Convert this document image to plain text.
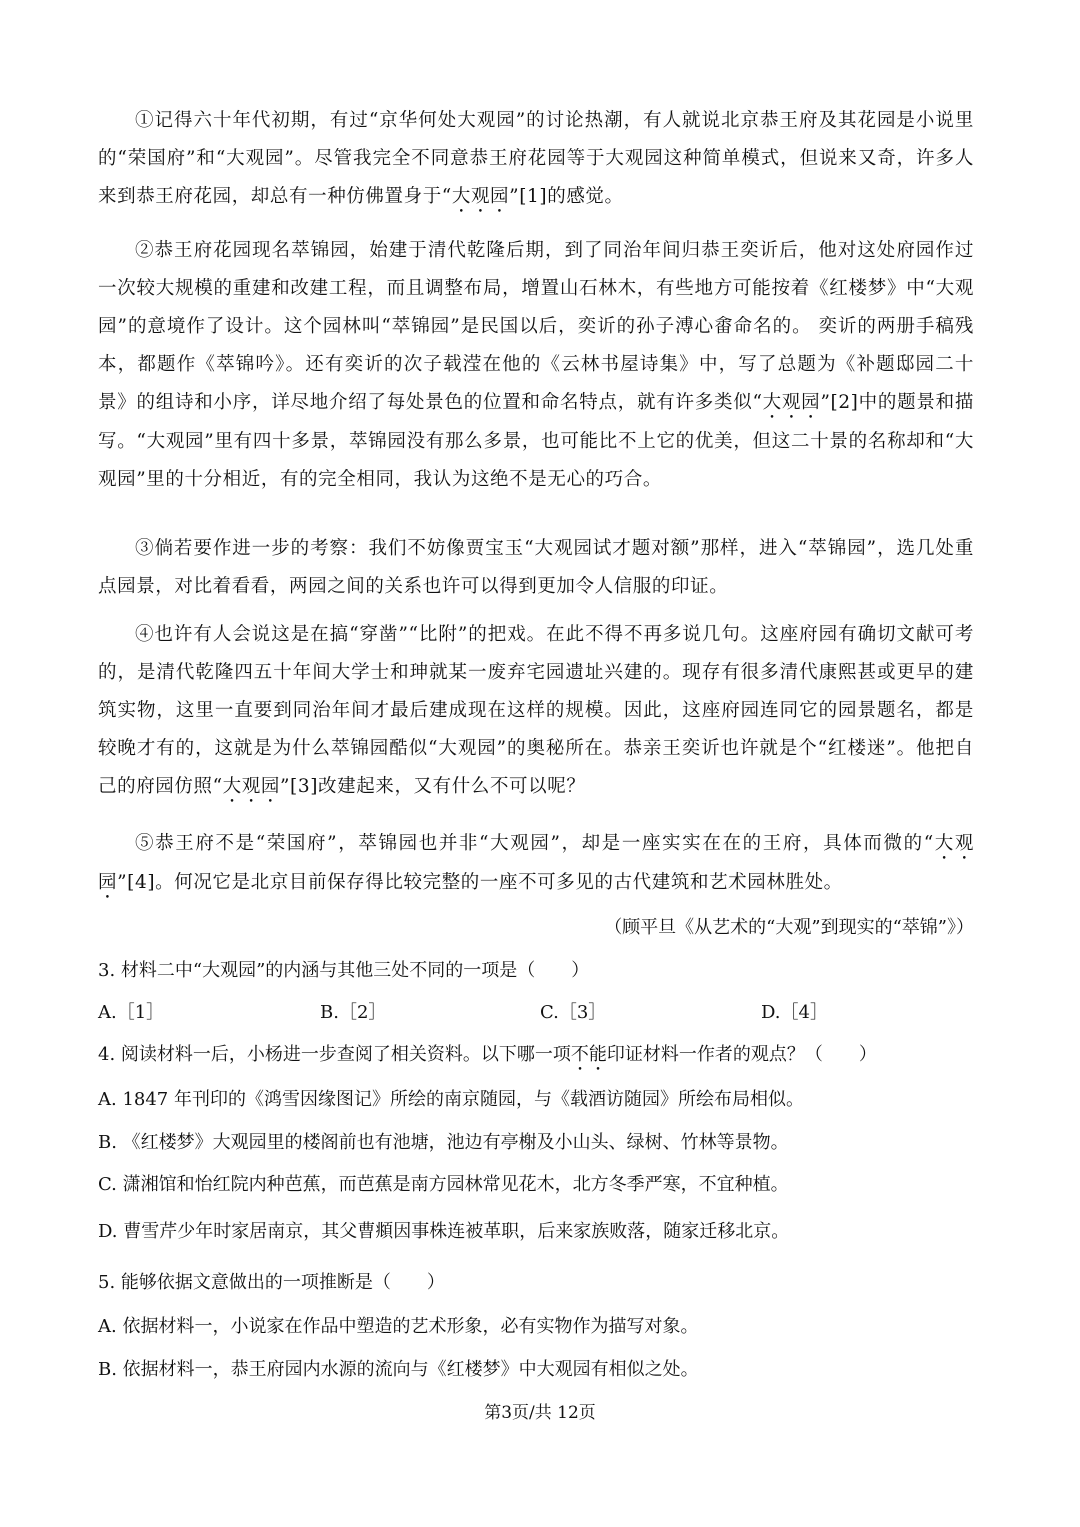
①记得六十年代初期，有过“京华何处大观园”的讨论热潮，有人就说北京恭王府及其花园是小说里的“荣国府”和“大观园”。尽管我完全不同意恭王府花园等于大观园这种简单模式，但说来又奇，许多人来到恭王府花园，却总有一种仿佛置身于“大观园”[1]的感觉。
②恭王府花园现名萃锦园，始建于清代乾隆后期，到了同治年间归恭王奕䜣后，他对这处府园作过一次较大规模的重建和改建工程，而且调整布局，增置山石林木，有些地方可能按着《红楼梦》中“大观园”的意境作了设计。这个园林叫“萃锦园”是民国以后，奕䜣的孙子溥心畬命名的。 奕䜣的两册手稿残本，都题作《萃锦吟》。还有奕䜣的次子载滢在他的《云林书屋诗集》中，写了总题为《补题邸园二十景》的组诗和小序，详尽地介绍了每处景色的位置和命名特点，就有许多类似“大观园”[2]中的题景和描写。“大观园”里有四十多景，萃锦园没有那么多景，也可能比不上它的优美，但这二十景的名称却和“大观园”里的十分相近，有的完全相同，我认为这绝不是无心的巧合。
③倘若要作进一步的考察：我们不妨像贾宝玉“大观园试才题对额”那样，进入“萃锦园”，选几处重点园景，对比着看看，两园之间的关系也许可以得到更加令人信服的印证。
④也许有人会说这是在搞“穿凿”“比附”的把戏。在此不得不再多说几句。这座府园有确切文献可考的，是清代乾隆四五十年间大学士和珅就某一废弃宅园遗址兴建的。现存有很多清代康熙甚或更早的建筑实物，这里一直要到同治年间才最后建成现在这样的规模。因此，这座府园连同它的园景题名，都是较晚才有的，这就是为什么萃锦园酷似“大观园”的奥秘所在。恭亲王奕䜣也许就是个“红楼迷”。他把自己的府园仿照“大观园”[3]改建起来，又有什么不可以呢？
⑤恭王府不是“荣国府”，萃锦园也并非“大观园”，却是一座实实在在的王府，具体而微的“大观园”[4]。何况它是北京目前保存得比较完整的一座不可多见的古代建筑和艺术园林胜处。
（顾平旦《从艺术的“大观”到现实的“萃锦”》）
3. 材料二中“大观园”的内涵与其他三处不同的一项是（　　）
A.［1］	B.［2］	C.［3］	D.［4］
4. 阅读材料一后，小杨进一步查阅了相关资料。以下哪一项不能印证材料一作者的观点？（　　）
A. 1847 年刊印的《鸿雪因缘图记》所绘的南京随园，与《载酒访随园》所绘布局相似。
B. 《红楼梦》大观园里的楼阁前也有池塘，池边有亭榭及小山头、绿树、竹林等景物。
C. 潇湘馆和怡红院内种芭蕉，而芭蕉是南方园林常见花木，北方冬季严寒，不宜种植。
D. 曹雪芹少年时家居南京，其父曹頫因事株连被革职，后来家族败落，随家迁移北京。
5. 能够依据文意做出的一项推断是（　　）
A. 依据材料一，小说家在作品中塑造的艺术形象，必有实物作为描写对象。
B. 依据材料一，恭王府园内水源的流向与《红楼梦》中大观园有相似之处。
第3页/共 12页
